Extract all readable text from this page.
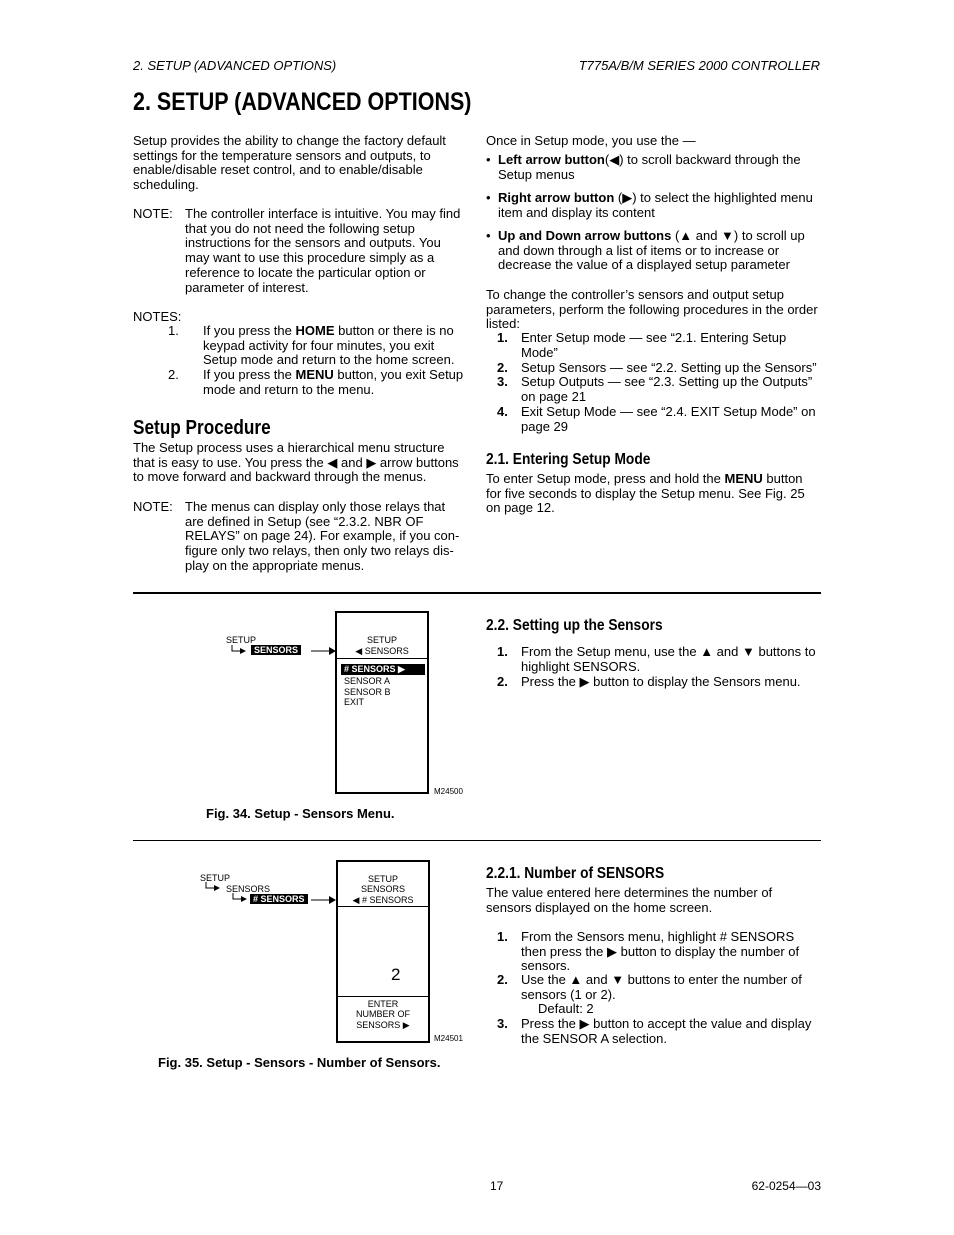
2. SETUP (ADVANCED OPTIONS)	T775A/B/M SERIES 2000 CONTROLLER
2. SETUP (ADVANCED OPTIONS)
Setup provides the ability to change the factory default
settings for the temperature sensors and outputs, to
enable/disable reset control, and to enable/disable
scheduling.
NOTE: The controller interface is intuitive. You may find
that you do not need the following setup
instructions for the sensors and outputs. You
may want to use this procedure simply as a
reference to locate the particular option or
parameter of interest.
NOTES:
1. If you press the HOME button or there is no
keypad activity for four minutes, you exit
Setup mode and return to the home screen.
2. If you press the MENU button, you exit Setup
mode and return to the menu.
Setup Procedure
The Setup process uses a hierarchical menu structure
that is easy to use. You press the ◀ and ▶ arrow buttons
to move forward and backward through the menus.
NOTE: The menus can display only those relays that
are defined in Setup (see “2.3.2. NBR OF
RELAYS” on page 24). For example, if you con-
figure only two relays, then only two relays dis-
play on the appropriate menus.
Once in Setup mode, you use the —
• Left arrow button(◀) to scroll backward through the
Setup menus
• Right arrow button (▶) to select the highlighted menu
item and display its content
• Up and Down arrow buttons (▲ and ▼) to scroll up
and down through a list of items or to increase or
decrease the value of a displayed setup parameter
To change the controller’s sensors and output setup
parameters, perform the following procedures in the order
listed:
1. Enter Setup mode — see “2.1. Entering Setup
Mode”
2. Setup Sensors — see “2.2. Setting up the Sensors”
3. Setup Outputs — see “2.3. Setting up the Outputs”
on page 21
4. Exit Setup Mode — see “2.4. EXIT Setup Mode” on
page 29
2.1. Entering Setup Mode
To enter Setup mode, press and hold the MENU button
for five seconds to display the Setup menu. See Fig. 25
on page 12.
SETUP
SENSORS
SETUP
◀ SENSORS
# SENSORS ▶
SENSOR A
SENSOR B
EXIT
M24500
Fig. 34. Setup - Sensors Menu.
2.2. Setting up the Sensors
1. From the Setup menu, use the ▲ and ▼ buttons to
highlight SENSORS.
2. Press the ▶ button to display the Sensors menu.
SETUP
SENSORS
# SENSORS
SETUP
SENSORS
◀ # SENSORS
2
ENTER
NUMBER OF
SENSORS ▶
M24501
Fig. 35. Setup - Sensors - Number of Sensors.
2.2.1. Number of SENSORS
The value entered here determines the number of
sensors displayed on the home screen.
1. From the Sensors menu, highlight # SENSORS
then press the ▶ button to display the number of
sensors.
2. Use the ▲ and ▼ buttons to enter the number of
sensors (1 or 2).
Default: 2
3. Press the ▶ button to accept the value and display
the SENSOR A selection.
17	62-0254—03
